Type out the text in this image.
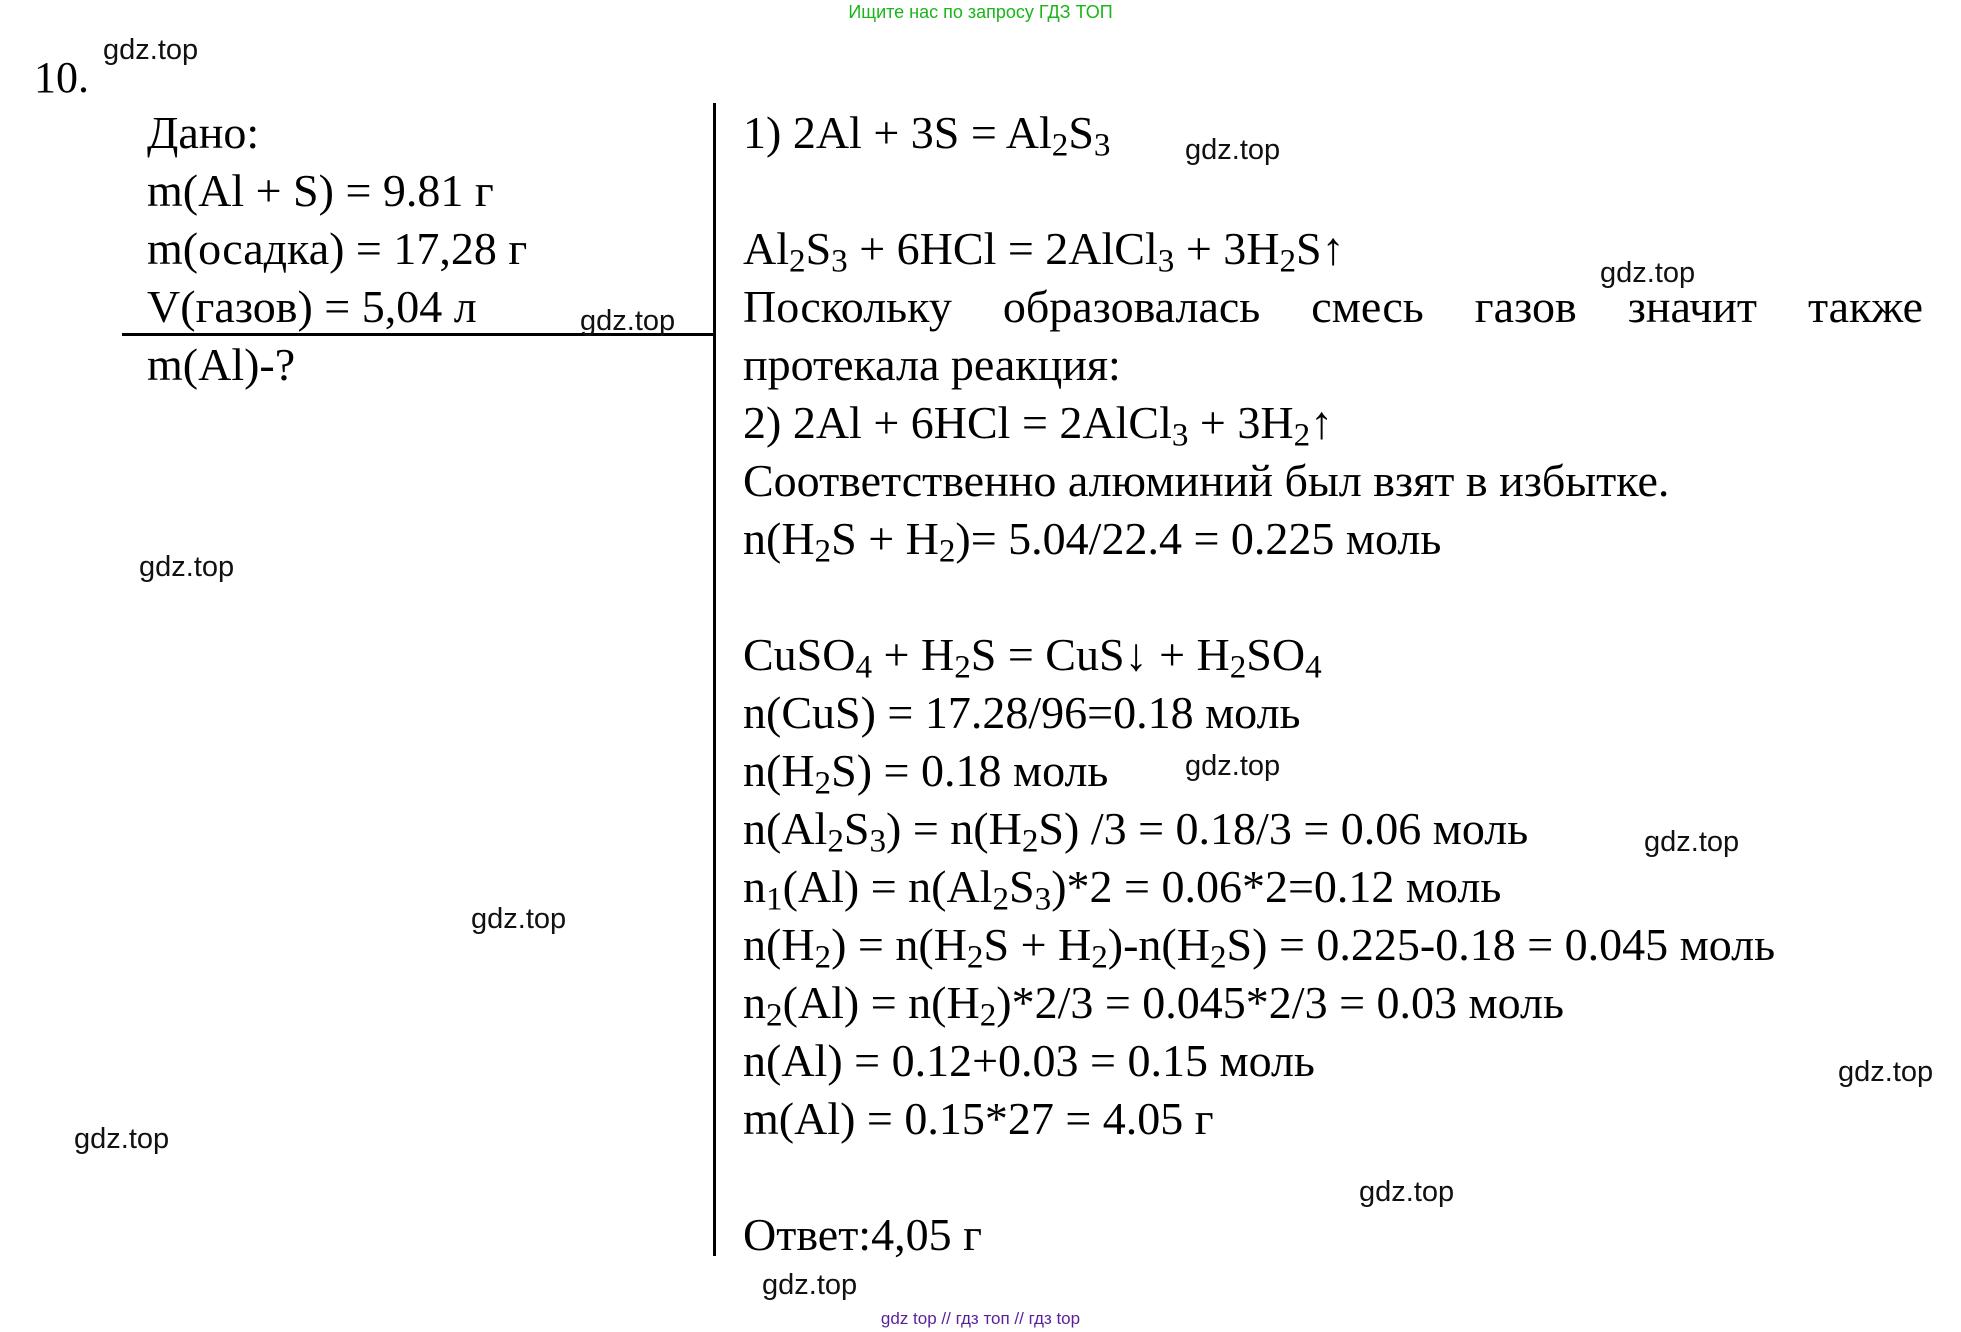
Ищите нас по запросу ГДЗ ТОП
10.
Дано:
m(Al + S) = 9.81 г
m(осадка) = 17,28 г
V(газов) = 5,04 л
m(Al)-?
1) $2Al + 3S = Al_2S_3$
$Al_2S_3 + 6HCl$ = 2AlCl$_3$ + $3H_2S↑$
Поскольку образовалась смесь газов значит также
протекала реакция:
2) 2Al + 6HCl = 2AlCl$_3$ + $3H_2↑$
Соответственно алюминий был взят в избытке.
$n(H_2S + H_2)= 5.04/22.4 = 0.225$ моль
CuSO$_4$ + $H_2S$ = CuS↓ + $H_2SO_4$
n(CuS) = 17.28/96=0.18 моль
$n(H_2S) = 0.18$ моль
$n(Al_2S_3) = n(H_2S) /3 = 0.18/3 = 0.06$ моль
$n_1(Al) = n(Al_2S_3)*2 = 0.06*2=0.12$ моль
$n(H_2) = n(H_2S + H_2)-n(H_2S) = 0.225-0.18 = 0.045$ моль
$n_2(Al) = n(H_2)*2/3 = 0.045*2/3 = 0.03$ моль
n(Al) = 0.12+0.03 = 0.15 моль
m(Al) = 0.15*27 = 4.05 г
Ответ:4,05 г
gdz.top
gdz.top
gdz.top
gdz.top
gdz.top
gdz.top
gdz.top
gdz.top
gdz.top
gdz.top
gdz.top
gdz.top
gdz top // гдз топ // гдз top
